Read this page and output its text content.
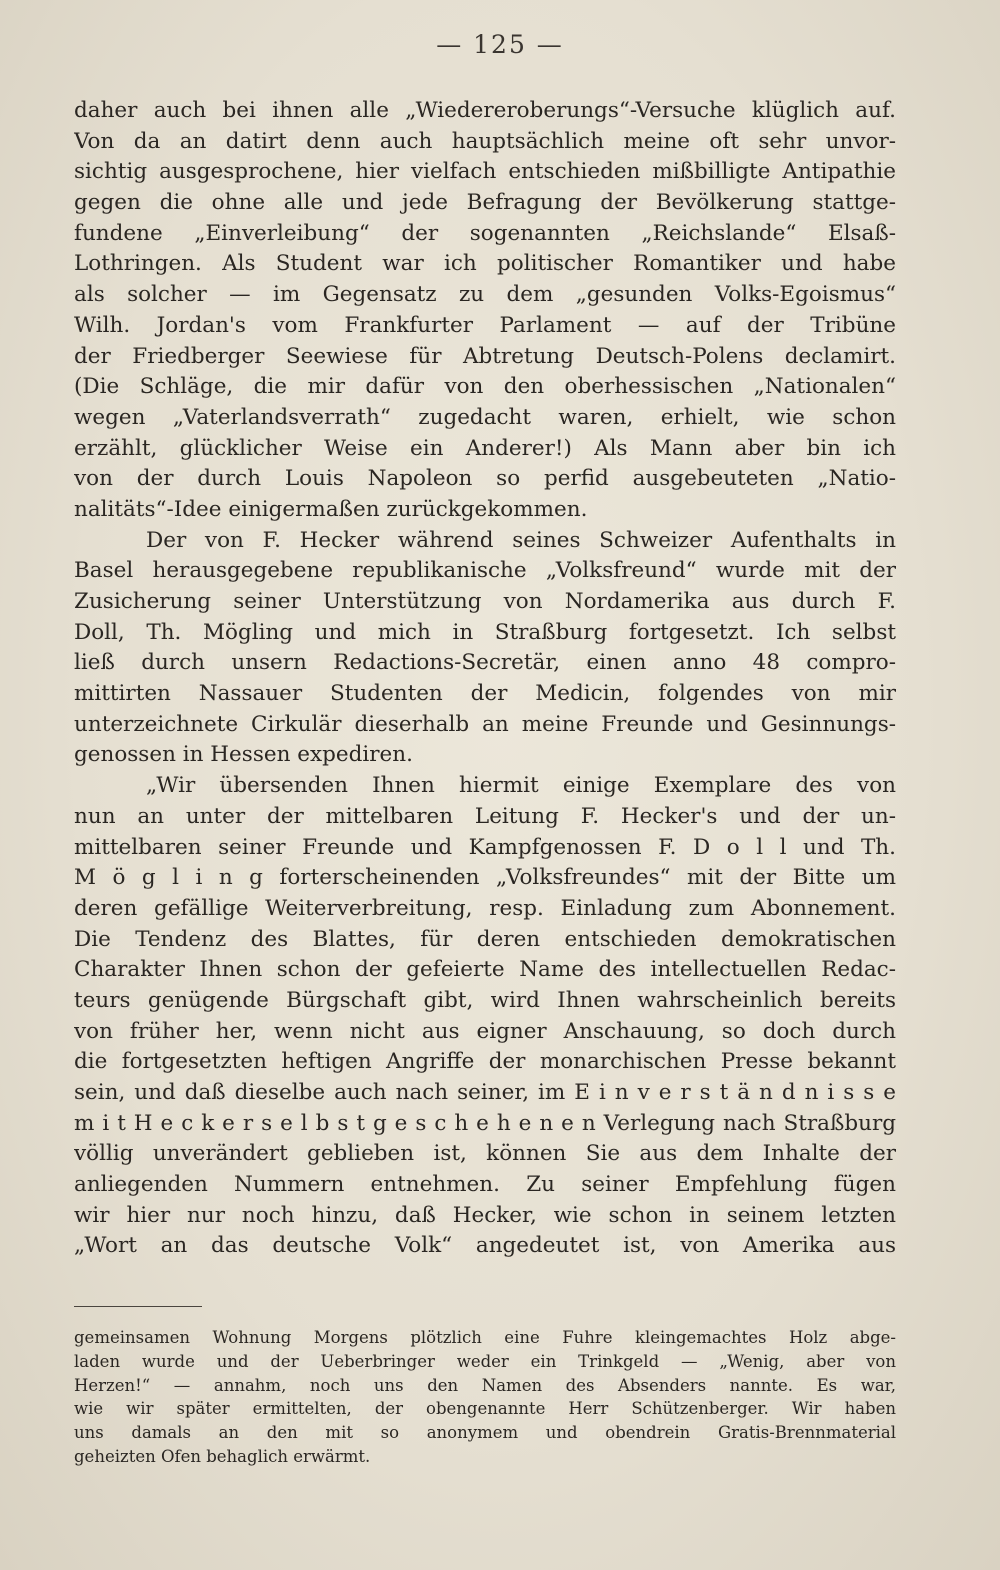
— 125 —
daher auch bei ihnen alle „Wiedereroberungs“-Versuche klüglich auf.
Von da an datirt denn auch hauptsächlich meine oft sehr unvor-
sichtig ausgesprochene, hier vielfach entschieden mißbilligte Antipathie
gegen die ohne alle und jede Befragung der Bevölkerung stattge-
fundene „Einverleibung“ der sogenannten „Reichslande“ Elsaß-
Lothringen. Als Student war ich politischer Romantiker und habe
als solcher — im Gegensatz zu dem „gesunden Volks-Egoismus“
Wilh. Jordan's vom Frankfurter Parlament — auf der Tribüne
der Friedberger Seewiese für Abtretung Deutsch-Polens declamirt.
(Die Schläge, die mir dafür von den oberhessischen „Nationalen“
wegen „Vaterlandsverrath“ zugedacht waren, erhielt, wie schon
erzählt, glücklicher Weise ein Anderer!) Als Mann aber bin ich
von der durch Louis Napoleon so perfid ausgebeuteten „Natio-
nalitäts“-Idee einigermaßen zurückgekommen.
Der von F. Hecker während seines Schweizer Aufenthalts in
Basel herausgegebene republikanische „Volksfreund“ wurde mit der
Zusicherung seiner Unterstützung von Nordamerika aus durch F.
Doll, Th. Mögling und mich in Straßburg fortgesetzt. Ich selbst
ließ durch unsern Redactions-Secretär, einen anno 48 compro-
mittirten Nassauer Studenten der Medicin, folgendes von mir
unterzeichnete Cirkulär dieserhalb an meine Freunde und Gesinnungs-
genossen in Hessen expediren.
„Wir übersenden Ihnen hiermit einige Exemplare des von
nun an unter der mittelbaren Leitung F. Hecker's und der un-
mittelbaren seiner Freunde und Kampfgenossen F. D o l l und Th.
M ö g l i n g forterscheinenden „Volksfreundes“ mit der Bitte um
deren gefällige Weiterverbreitung, resp. Einladung zum Abonnement.
Die Tendenz des Blattes, für deren entschieden demokratischen
Charakter Ihnen schon der gefeierte Name des intellectuellen Redac-
teurs genügende Bürgschaft gibt, wird Ihnen wahrscheinlich bereits
von früher her, wenn nicht aus eigner Anschauung, so doch durch
die fortgesetzten heftigen Angriffe der monarchischen Presse bekannt
sein, und daß dieselbe auch nach seiner, im E i n v e r s t ä n d n i s s e
m i t H e c k e r s e l b s t g e s c h e h e n e n Verlegung nach Straßburg
völlig unverändert geblieben ist, können Sie aus dem Inhalte der
anliegenden Nummern entnehmen. Zu seiner Empfehlung fügen
wir hier nur noch hinzu, daß Hecker, wie schon in seinem letzten
„Wort an das deutsche Volk“ angedeutet ist, von Amerika aus
gemeinsamen Wohnung Morgens plötzlich eine Fuhre kleingemachtes Holz abge-
laden wurde und der Ueberbringer weder ein Trinkgeld — „Wenig, aber von
Herzen!“ — annahm, noch uns den Namen des Absenders nannte. Es war,
wie wir später ermittelten, der obengenannte Herr Schützenberger. Wir haben
uns damals an den mit so anonymem und obendrein Gratis-Brennmaterial
geheizten Ofen behaglich erwärmt.
